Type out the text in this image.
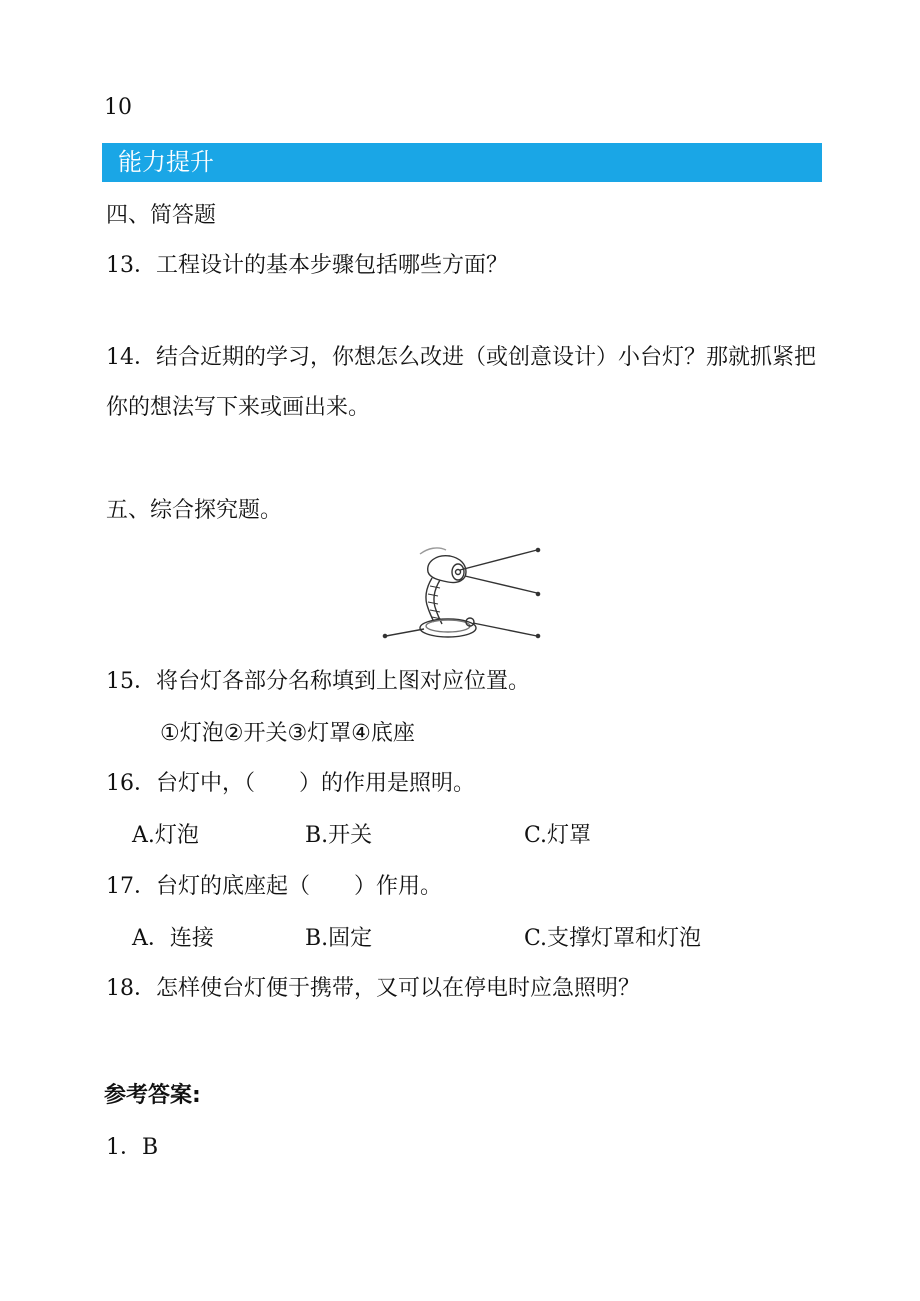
10
能力提升
四、简答题
13．工程设计的基本步骤包括哪些方面？
14．结合近期的学习，你想怎么改进（或创意设计）小台灯？那就抓紧把
你的想法写下来或画出来。
五、综合探究题。
15．将台灯各部分名称填到上图对应位置。
①灯泡②开关③灯罩④底座
16．台灯中，（　　）的作用是照明。
A.灯泡	B.开关	C.灯罩
17．台灯的底座起（　　）作用。
A．连接	B.固定	C.支撑灯罩和灯泡
18．怎样使台灯便于携带，又可以在停电时应急照明？
参考答案:
1．B
